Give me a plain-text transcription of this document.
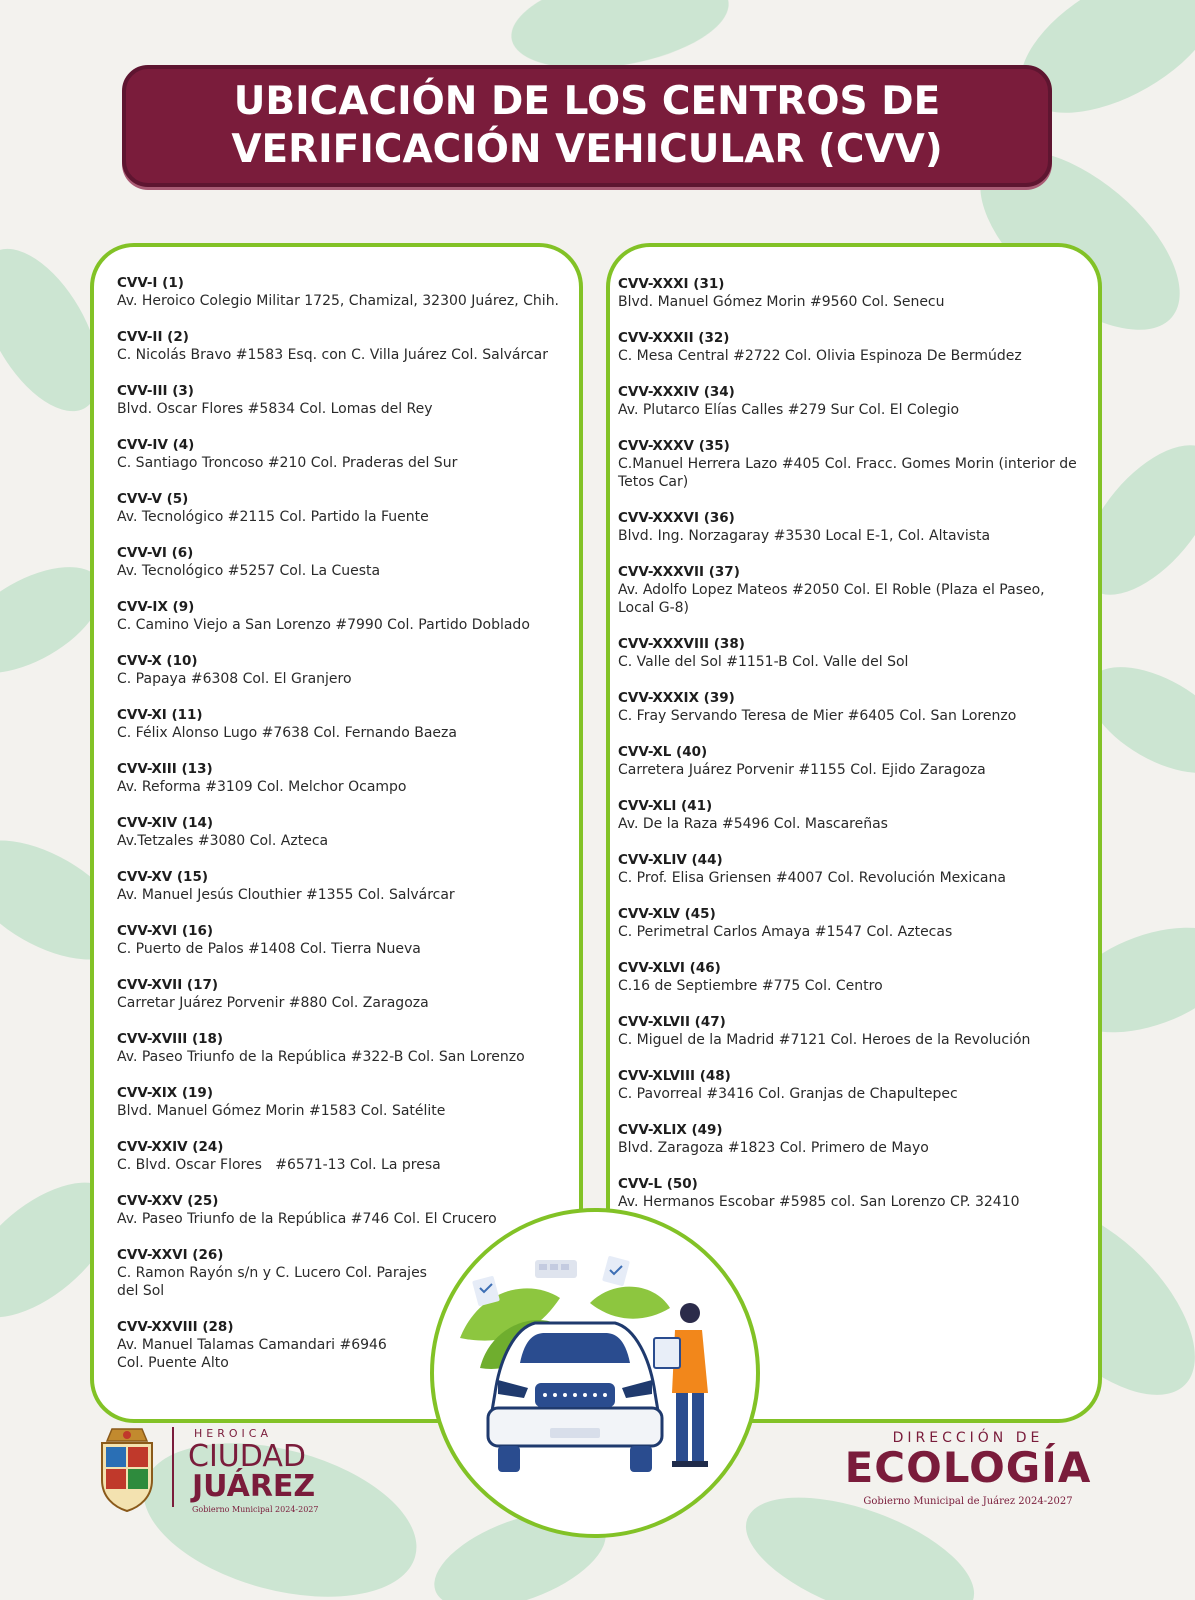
UBICACIÓN DE LOS CENTROS DE
VERIFICACIÓN VEHICULAR (CVV)
CVV-I (1)
Av. Heroico Colegio Militar 1725, Chamizal, 32300 Juárez, Chih.
CVV-II (2)
C. Nicolás Bravo #1583 Esq. con C. Villa Juárez Col. Salvárcar
CVV-III (3)
Blvd. Oscar Flores #5834 Col. Lomas del Rey
CVV-IV (4)
C. Santiago Troncoso #210 Col. Praderas del Sur
CVV-V (5)
Av. Tecnológico #2115 Col. Partido la Fuente
CVV-VI (6)
Av. Tecnológico #5257 Col. La Cuesta
CVV-IX (9)
C. Camino Viejo a San Lorenzo #7990 Col. Partido Doblado
CVV-X (10)
C. Papaya #6308 Col. El Granjero
CVV-XI (11)
C. Félix Alonso Lugo #7638 Col. Fernando Baeza
CVV-XIII (13)
Av. Reforma #3109 Col. Melchor Ocampo
CVV-XIV (14)
Av.Tetzales #3080 Col. Azteca
CVV-XV (15)
Av. Manuel Jesús Clouthier #1355 Col. Salvárcar
CVV-XVI (16)
C. Puerto de Palos #1408 Col. Tierra Nueva
CVV-XVII (17)
Carretar Juárez Porvenir #880 Col. Zaragoza
CVV-XVIII (18)
Av. Paseo Triunfo de la República #322-B Col. San Lorenzo
CVV-XIX (19)
Blvd. Manuel Gómez Morin #1583 Col. Satélite
CVV-XXIV (24)
C. Blvd. Oscar Flores   #6571-13 Col. La presa
CVV-XXV (25)
Av. Paseo Triunfo de la República #746 Col. El Crucero
CVV-XXVI (26)
C. Ramon Rayón s/n y C. Lucero Col. Parajes del Sol
CVV-XXVIII (28)
Av. Manuel Talamas Camandari #6946 Col. Puente Alto
CVV-XXXI (31)
Blvd. Manuel Gómez Morin #9560 Col. Senecu
CVV-XXXII (32)
C. Mesa Central #2722 Col. Olivia Espinoza De Bermúdez
CVV-XXXIV (34)
Av. Plutarco Elías Calles #279 Sur Col. El Colegio
CVV-XXXV (35)
C.Manuel Herrera Lazo #405 Col. Fracc. Gomes Morin (interior de Tetos Car)
CVV-XXXVI (36)
Blvd. Ing. Norzagaray #3530 Local E-1, Col. Altavista
CVV-XXXVII (37)
Av. Adolfo Lopez Mateos #2050 Col. El Roble (Plaza el Paseo, Local G-8)
CVV-XXXVIII (38)
C. Valle del Sol #1151-B Col. Valle del Sol
CVV-XXXIX (39)
C. Fray Servando Teresa de Mier #6405 Col. San Lorenzo
CVV-XL (40)
Carretera Juárez Porvenir #1155 Col. Ejido Zaragoza
CVV-XLI (41)
Av. De la Raza #5496 Col. Mascareñas
CVV-XLIV (44)
C. Prof. Elisa Griensen #4007 Col. Revolución Mexicana
CVV-XLV (45)
C. Perimetral Carlos Amaya #1547 Col. Aztecas
CVV-XLVI (46)
C.16 de Septiembre #775 Col. Centro
CVV-XLVII (47)
C. Miguel de la Madrid #7121 Col. Heroes de la Revolución
CVV-XLVIII (48)
C. Pavorreal #3416 Col. Granjas de Chapultepec
CVV-XLIX (49)
Blvd. Zaragoza #1823 Col. Primero de Mayo
CVV-L (50)
Av. Hermanos Escobar #5985 col. San Lorenzo CP. 32410
HEROICA
CIUDAD
JUÁREZ
Gobierno Municipal 2024-2027
DIRECCIÓN DE
ECOLOGÍA
Gobierno Municipal de Juárez 2024-2027
